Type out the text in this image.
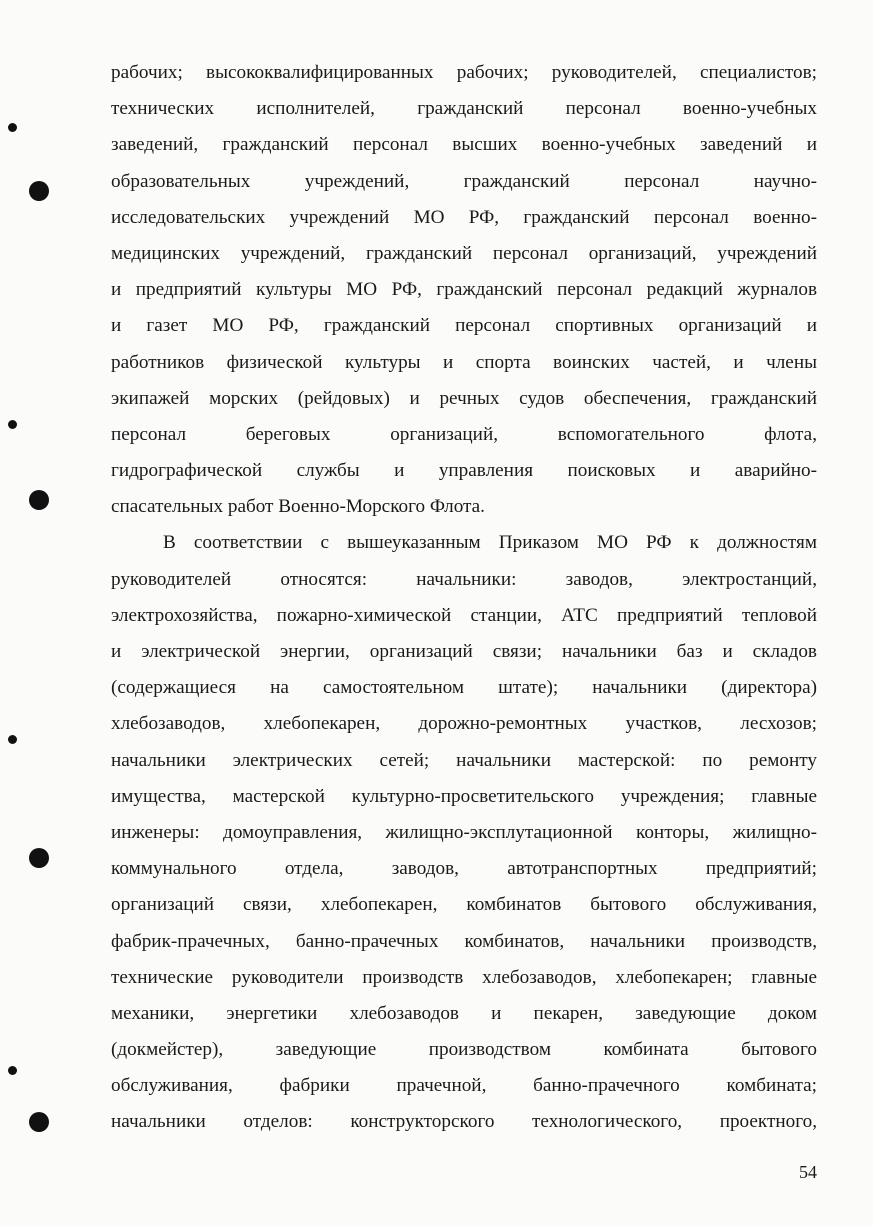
рабочих; высококвалифицированных рабочих; руководителей, специалистов;
технических исполнителей, гражданский персонал военно-учебных
заведений, гражданский персонал высших военно-учебных заведений и
образовательных учреждений, гражданский персонал научно-
исследовательских учреждений МО РФ, гражданский персонал военно-
медицинских учреждений, гражданский персонал организаций, учреждений
и предприятий культуры МО РФ, гражданский персонал редакций журналов
и газет МО РФ, гражданский персонал спортивных организаций и
работников физической культуры и спорта воинских частей, и члены
экипажей морских (рейдовых) и речных судов обеспечения, гражданский
персонал береговых организаций, вспомогательного флота,
гидрографической службы и управления поисковых и аварийно-
спасательных работ Военно-Морского Флота.
В соответствии с вышеуказанным Приказом МО РФ к должностям
руководителей относятся: начальники: заводов, электростанций,
электрохозяйства, пожарно-химической станции, АТС предприятий тепловой
и электрической энергии, организаций связи; начальники баз и складов
(содержащиеся на самостоятельном штате); начальники (директора)
хлебозаводов, хлебопекарен, дорожно-ремонтных участков, лесхозов;
начальники электрических сетей; начальники мастерской: по ремонту
имущества, мастерской культурно-просветительского учреждения; главные
инженеры: домоуправления, жилищно-эксплутационной конторы, жилищно-
коммунального отдела, заводов, автотранспортных предприятий;
организаций связи, хлебопекарен, комбинатов бытового обслуживания,
фабрик-прачечных, банно-прачечных комбинатов, начальники производств,
технические руководители производств хлебозаводов, хлебопекарен; главные
механики, энергетики хлебозаводов и пекарен, заведующие доком
(докмейстер), заведующие производством комбината бытового
обслуживания, фабрики прачечной, банно-прачечного комбината;
начальники отделов: конструкторского технологического, проектного,
54
